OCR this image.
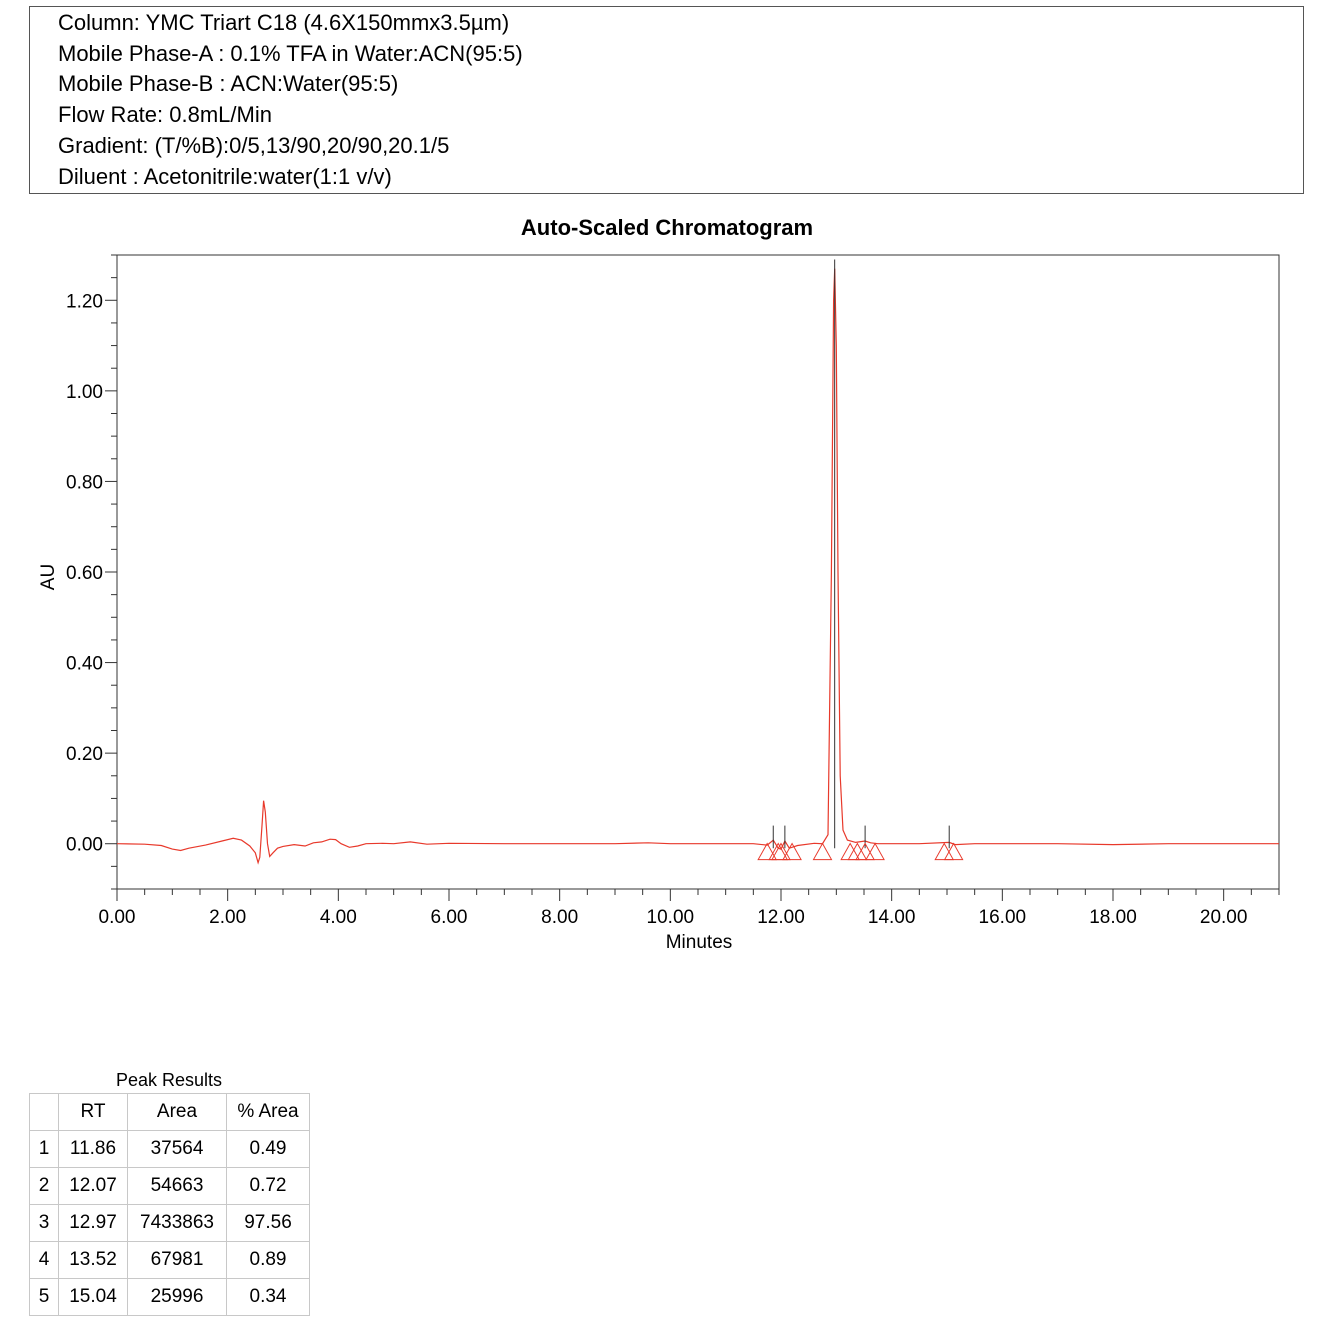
Column: YMC Triart C18 (4.6X150mmx3.5µm)
Mobile Phase-A : 0.1% TFA in Water:ACN(95:5)
Mobile Phase-B : ACN:Water(95:5)
Flow Rate: 0.8mL/Min
Gradient: (T/%B):0/5,13/90,20/90,20.1/5
Diluent : Acetonitrile:water(1:1 v/v)
Auto-Scaled Chromatogram
0.00	2.00	4.00	6.00	8.00	10.00	12.00	14.00	16.00	18.00	20.00
0.00
0.20
0.40
0.60
0.80
1.00
1.20
Minutes
AU
Peak Results
	RT	Area	% Area
1	11.86	37564	0.49
2	12.07	54663	0.72
3	12.97	7433863	97.56
4	13.52	67981	0.89
5	15.04	25996	0.34
